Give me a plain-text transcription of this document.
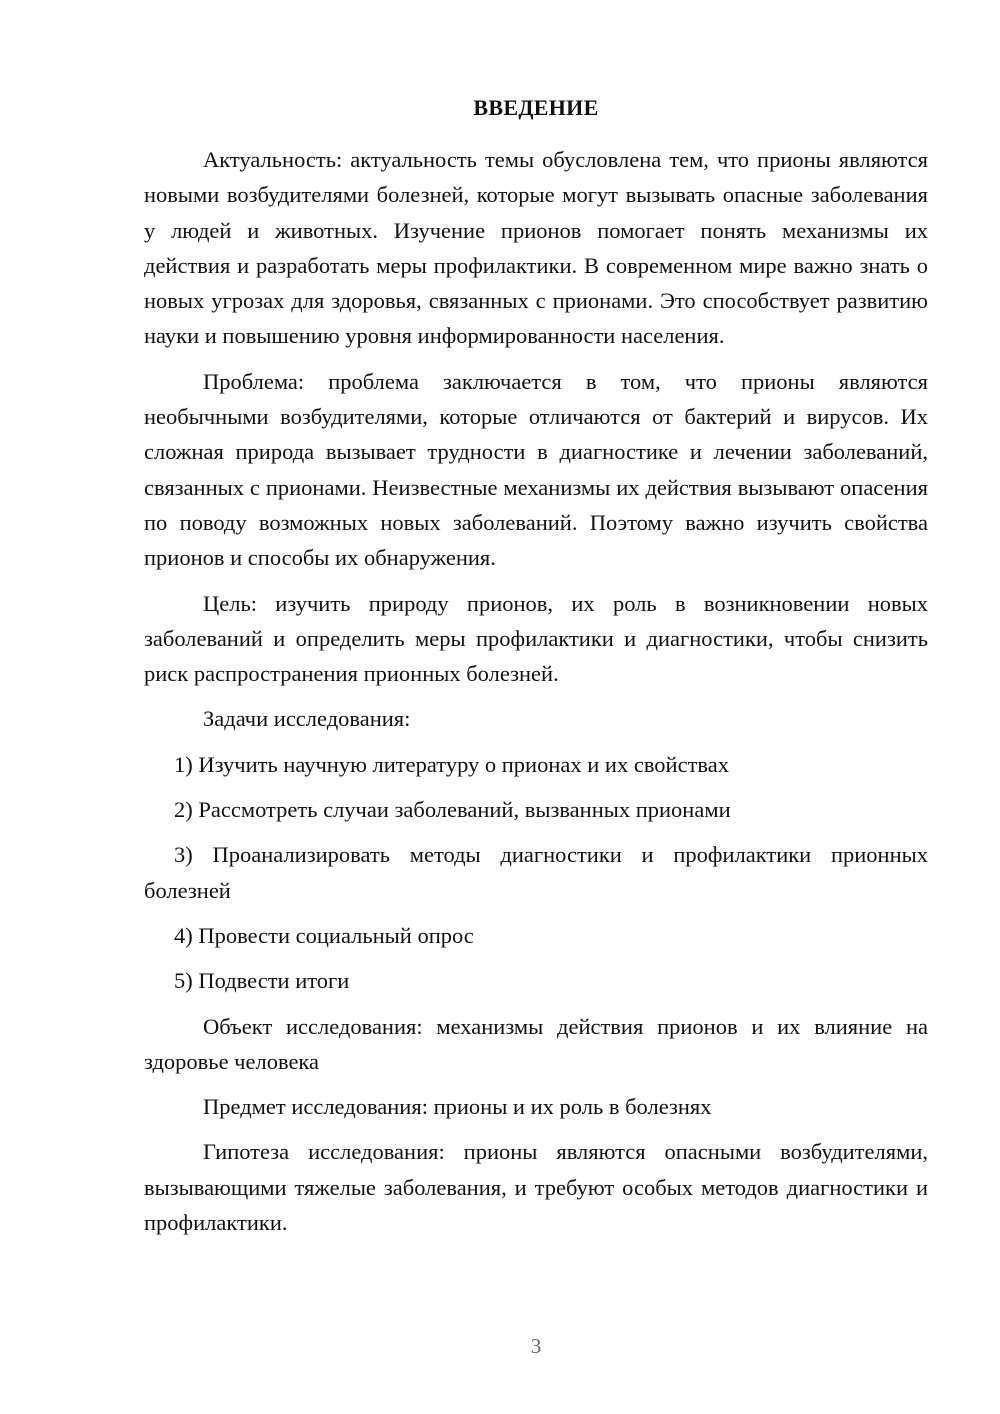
ВВЕДЕНИЕ

Актуальность: актуальность темы обусловлена тем, что прионы являются новыми возбудителями болезней, которые могут вызывать опасные заболевания у людей и животных. Изучение прионов помогает понять механизмы их действия и разработать меры профилактики. В современном мире важно знать о новых угрозах для здоровья, связанных с прионами. Это способствует развитию науки и повышению уровня информированности населения.

Проблема: проблема заключается в том, что прионы являются необычными возбудителями, которые отличаются от бактерий и вирусов. Их сложная природа вызывает трудности в диагностике и лечении заболеваний, связанных с прионами. Неизвестные механизмы их действия вызывают опасения по поводу возможных новых заболеваний. Поэтому важно изучить свойства прионов и способы их обнаружения.

Цель: изучить природу прионов, их роль в возникновении новых заболеваний и определить меры профилактики и диагностики, чтобы снизить риск распространения прионных болезней.

Задачи исследования:

1) Изучить научную литературу о прионах и их свойствах

2) Рассмотреть случаи заболеваний, вызванных прионами

3) Проанализировать методы диагностики и профилактики прионных болезней

4) Провести социальный опрос

5) Подвести итоги

Объект исследования: механизмы действия прионов и их влияние на здоровье человека

Предмет исследования: прионы и их роль в болезнях

Гипотеза исследования: прионы являются опасными возбудителями, вызывающими тяжелые заболевания, и требуют особых методов диагностики и профилактики.

3
